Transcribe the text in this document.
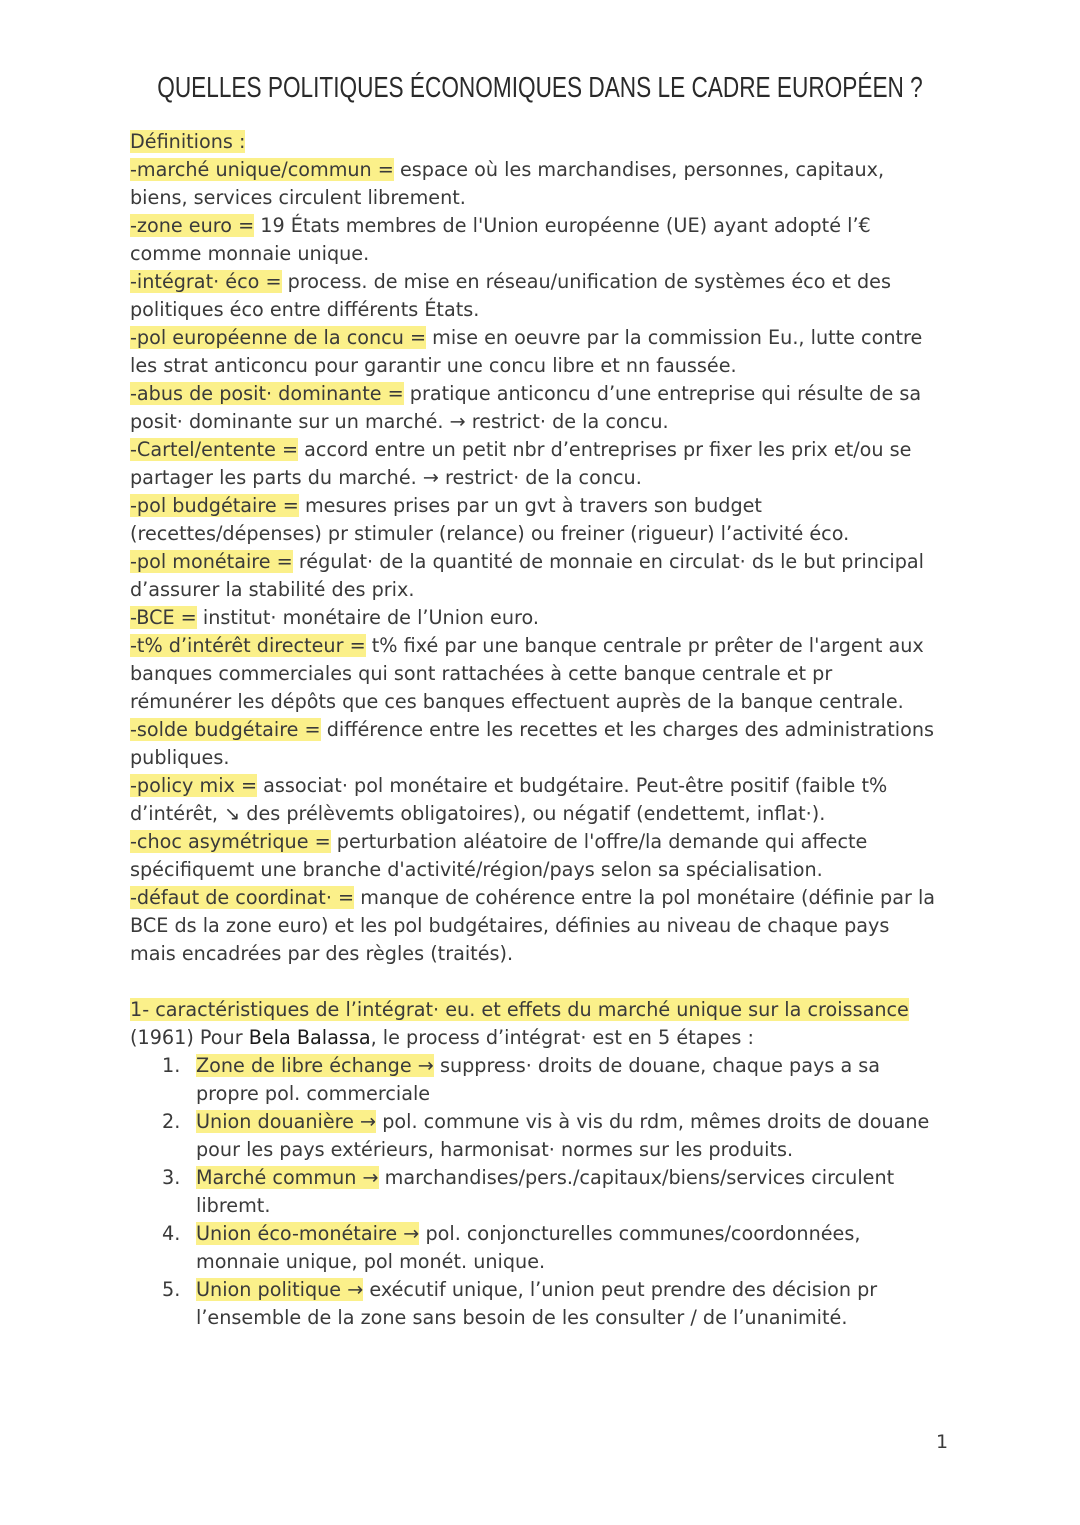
QUELLES POLITIQUES ÉCONOMIQUES DANS LE CADRE EUROPÉEN ?
Définitions :
-marché unique/commun = espace où les marchandises, personnes, capitaux,
biens, services circulent librement.
-zone euro = 19 États membres de l'Union européenne (UE) ayant adopté l’€
comme monnaie unique.
-intégrat· éco = process. de mise en réseau/unification de systèmes éco et des
politiques éco entre différents États.
-pol européenne de la concu = mise en oeuvre par la commission Eu., lutte contre
les strat anticoncu pour garantir une concu libre et nn faussée.
-abus de posit· dominante = pratique anticoncu d’une entreprise qui résulte de sa
posit· dominante sur un marché. → restrict· de la concu.
-Cartel/entente = accord entre un petit nbr d’entreprises pr fixer les prix et/ou se
partager les parts du marché. → restrict· de la concu.
-pol budgétaire = mesures prises par un gvt à travers son budget
(recettes/dépenses) pr stimuler (relance) ou freiner (rigueur) l’activité éco.
-pol monétaire = régulat· de la quantité de monnaie en circulat· ds le but principal
d’assurer la stabilité des prix.
-BCE = institut· monétaire de l’Union euro.
-t% d’intérêt directeur = t% fixé par une banque centrale pr prêter de l'argent aux
banques commerciales qui sont rattachées à cette banque centrale et pr
rémunérer les dépôts que ces banques effectuent auprès de la banque centrale.
-solde budgétaire = différence entre les recettes et les charges des administrations
publiques.
-policy mix = associat· pol monétaire et budgétaire. Peut-être positif (faible t%
d’intérêt, ↘ des prélèvemts obligatoires), ou négatif (endettemt, inflat·).
-choc asymétrique = perturbation aléatoire de l'offre/la demande qui affecte
spécifiquemt une branche d'activité/région/pays selon sa spécialisation.
-défaut de coordinat· = manque de cohérence entre la pol monétaire (définie par la
BCE ds la zone euro) et les pol budgétaires, définies au niveau de chaque pays
mais encadrées par des règles (traités).
1- caractéristiques de l’intégrat· eu. et effets du marché unique sur la croissance
(1961) Pour Bela Balassa, le process d’intégrat· est en 5 étapes :
1. Zone de libre échange → suppress· droits de douane, chaque pays a sa
propre pol. commerciale
2. Union douanière → pol. commune vis à vis du rdm, mêmes droits de douane
pour les pays extérieurs, harmonisat· normes sur les produits.
3. Marché commun → marchandises/pers./capitaux/biens/services circulent
libremt.
4. Union éco-monétaire → pol. conjoncturelles communes/coordonnées,
monnaie unique, pol monét. unique.
5. Union politique → exécutif unique, l’union peut prendre des décision pr
l’ensemble de la zone sans besoin de les consulter / de l’unanimité.
1
